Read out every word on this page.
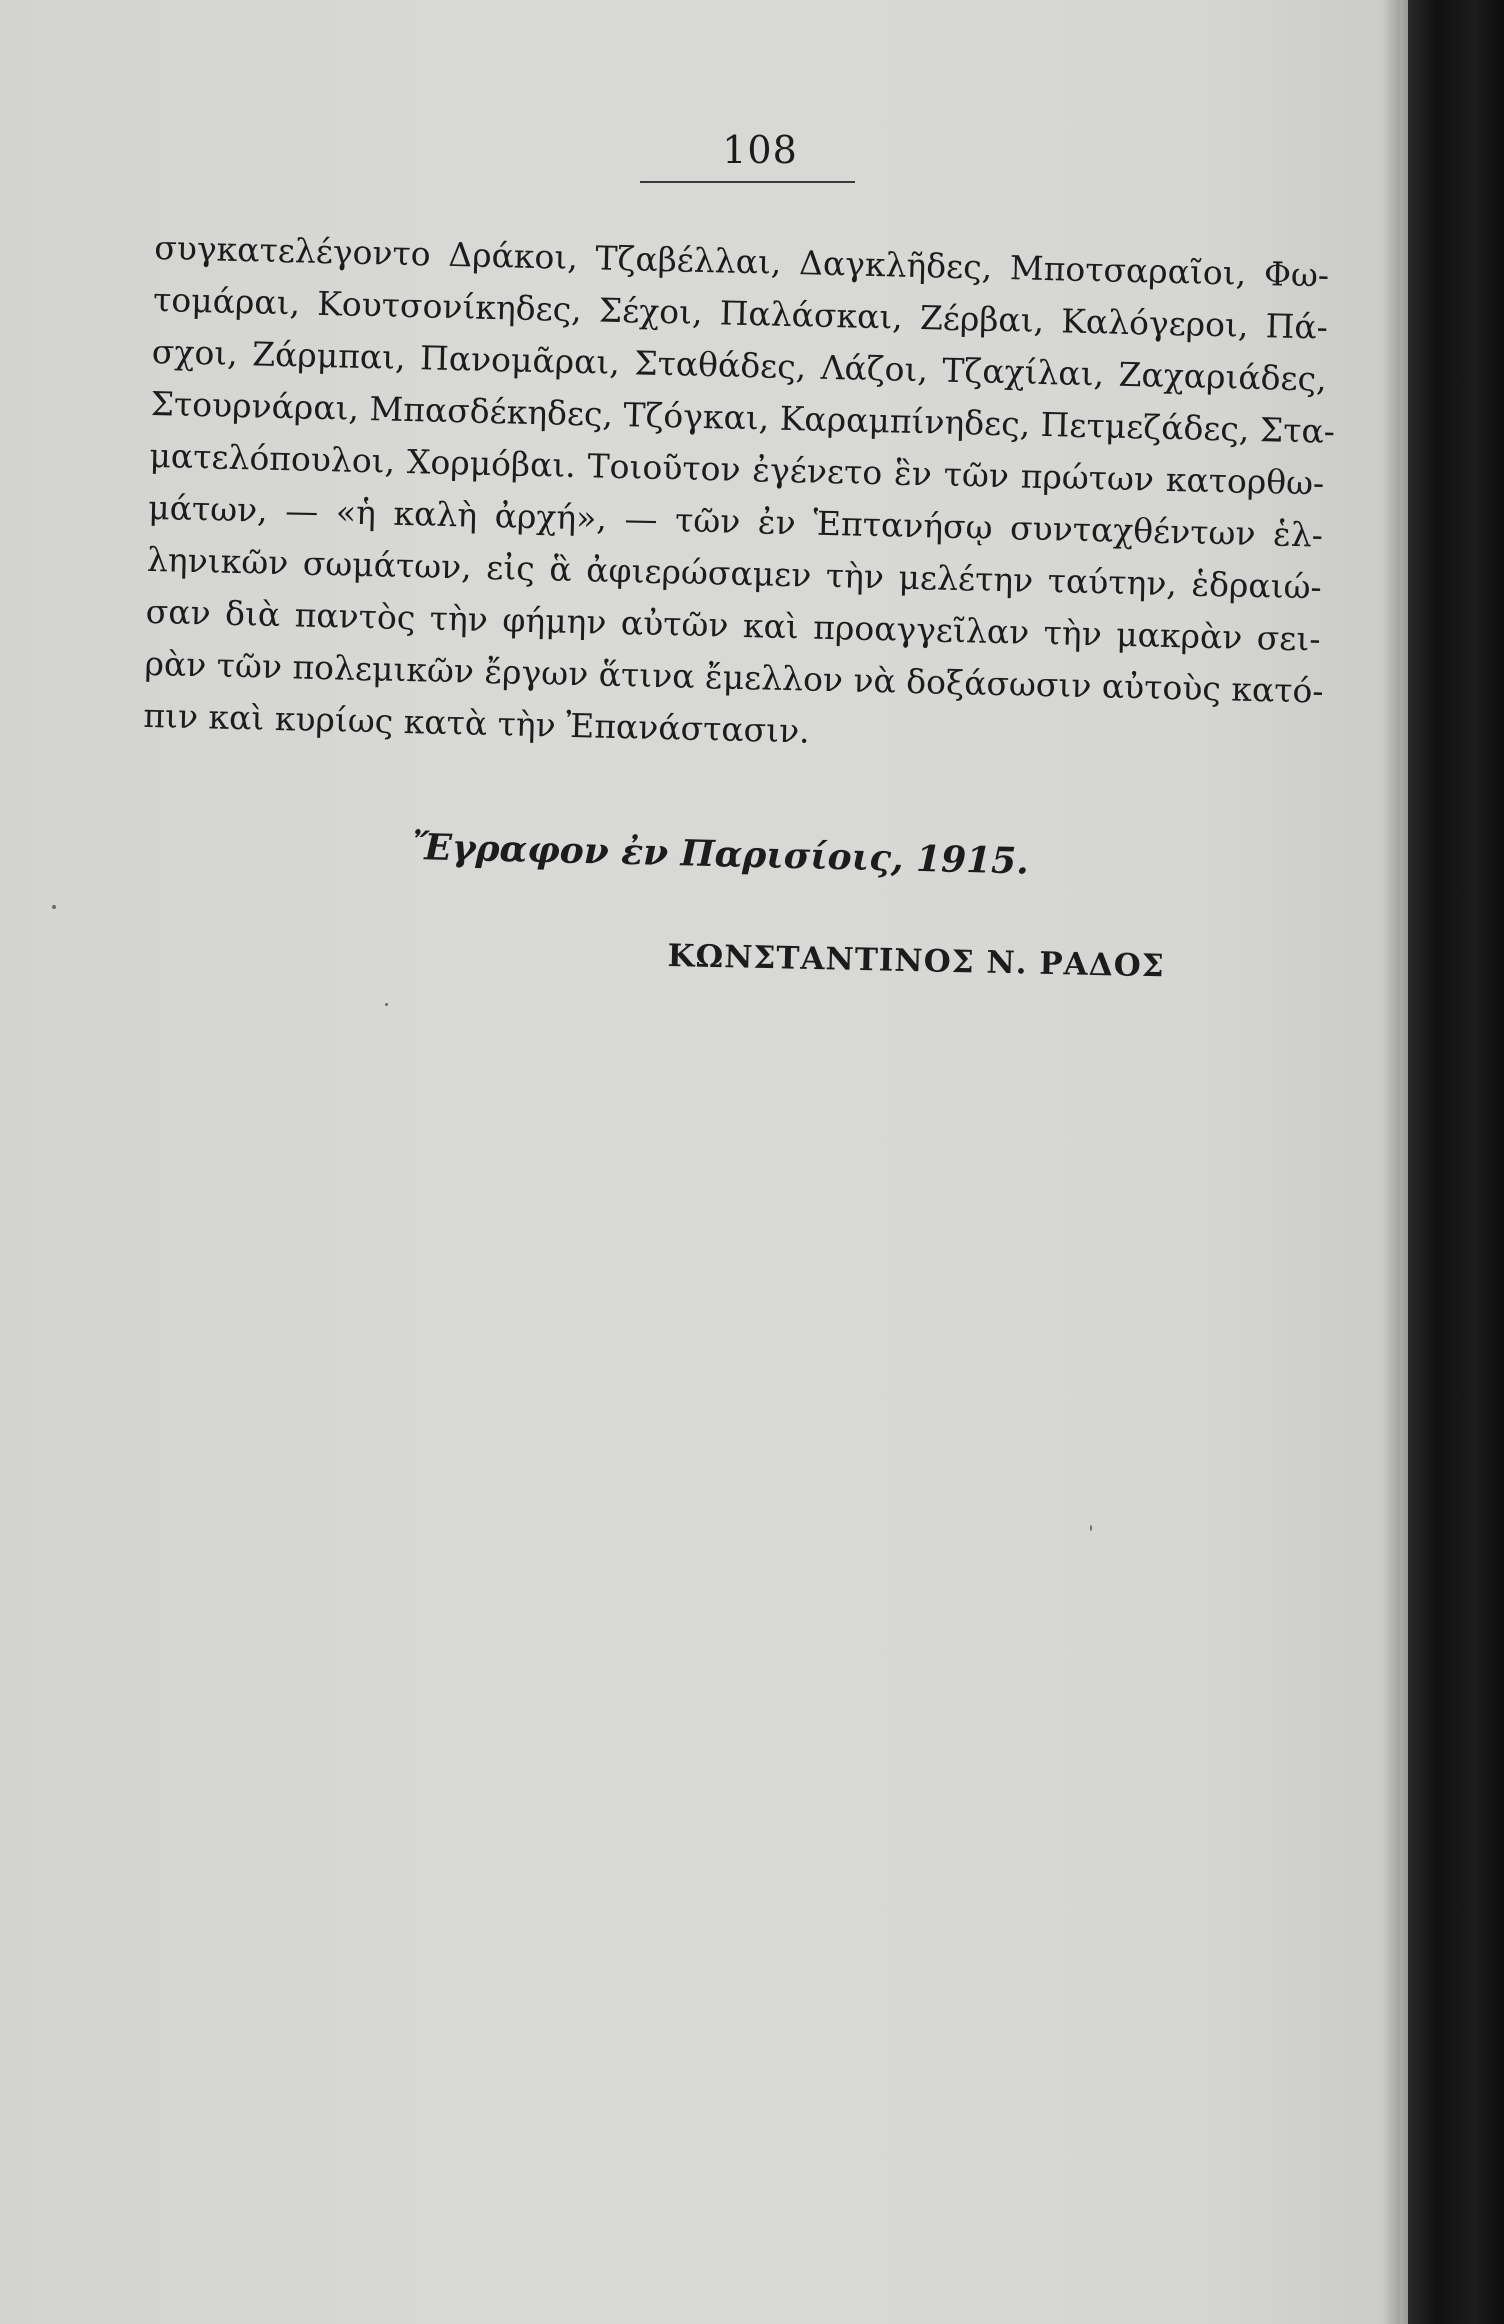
108
συγκατελέγοντο Δράκοι, Τζαβέλλαι, Δαγκλῆδες, Μποτσαραῖοι, Φω-
τομάραι, Κουτσονίκηδες, Σέχοι, Παλάσκαι, Ζέρβαι, Καλόγεροι, Πά-
σχοι, Ζάρμπαι, Πανομᾶραι, Σταθάδες, Λάζοι, Τζαχίλαι, Ζαχαριάδες,
Στουρνάραι, Μπασδέκηδες, Τζόγκαι, Καραμπίνηδες, Πετμεζάδες, Στα-
ματελόπουλοι, Χορμόβαι. Τοιοῦτον ἐγένετο ἓν τῶν πρώτων κατορθω-
μάτων, — «ἡ καλὴ ἀρχή», — τῶν ἐν Ἑπτανήσῳ συνταχθέντων ἑλ-
ληνικῶν σωμάτων, εἰς ἃ ἀφιερώσαμεν τὴν μελέτην ταύτην, ἑδραιώ-
σαν διὰ παντὸς τὴν φήμην αὐτῶν καὶ προαγγεῖλαν τὴν μακρὰν σει-
ρὰν τῶν πολεμικῶν ἔργων ἅτινα ἔμελλον νὰ δοξάσωσιν αὐτοὺς κατό-
πιν καὶ κυρίως κατὰ τὴν Ἐπανάστασιν.
Ἔγραφον ἐν Παρισίοις, 1915.
ΚΩΝΣΤΑΝΤΙΝΟΣ Ν. ΡΑΔΟΣ
